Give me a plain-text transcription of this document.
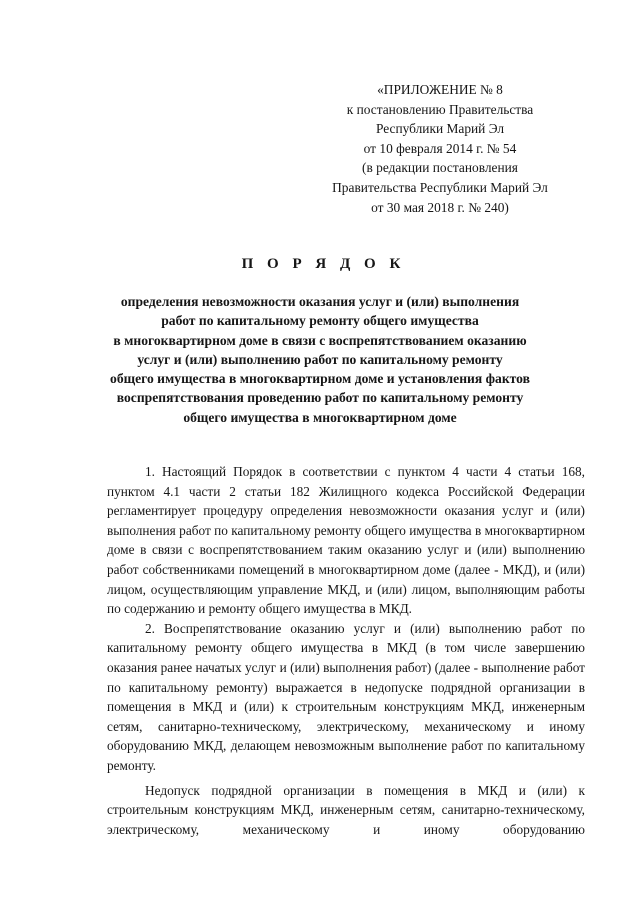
«ПРИЛОЖЕНИЕ № 8
к постановлению Правительства
Республики Марий Эл
от 10 февраля 2014 г. № 54
(в редакции постановления
Правительства Республики Марий Эл
от 30 мая 2018 г. № 240)
П О Р Я Д О К
определения невозможности оказания услуг и (или) выполнения
работ по капитальному ремонту общего имущества
в многоквартирном доме в связи с воспрепятствованием оказанию
услуг и (или) выполнению работ по капитальному ремонту
общего имущества в многоквартирном доме и установления фактов
воспрепятствования проведению работ по капитальному ремонту
общего имущества в многоквартирном доме

1. Настоящий Порядок в соответствии с пунктом 4 части 4 статьи 168, пунктом 4.1 части 2 статьи 182 Жилищного кодекса Российской Федерации регламентирует процедуру определения невозможности оказания услуг и (или) выполнения работ по капитальному ремонту общего имущества в многоквартирном доме в связи с воспрепятствованием таким оказанию услуг и (или) выполнению работ собственниками помещений в многоквартирном доме (далее - МКД), и (или) лицом, осуществляющим управление МКД, и (или) лицом, выполняющим работы по содержанию и ремонту общего имущества в МКД.

2. Воспрепятствование оказанию услуг и (или) выполнению работ по капитальному ремонту общего имущества в МКД (в том числе завершению оказания ранее начатых услуг и (или) выполнения работ) (далее - выполнение работ по капитальному ремонту) выражается в недопуске подрядной организации в помещения в МКД и (или) к строительным конструкциям МКД, инженерным сетям, санитарно-техническому, электрическому, механическому и иному оборудованию МКД, делающем невозможным выполнение работ по капитальному ремонту.

Недопуск подрядной организации в помещения в МКД и (или) к строительным конструкциям МКД, инженерным сетям, санитарно-техническому, электрическому, механическому и иному оборудованию
